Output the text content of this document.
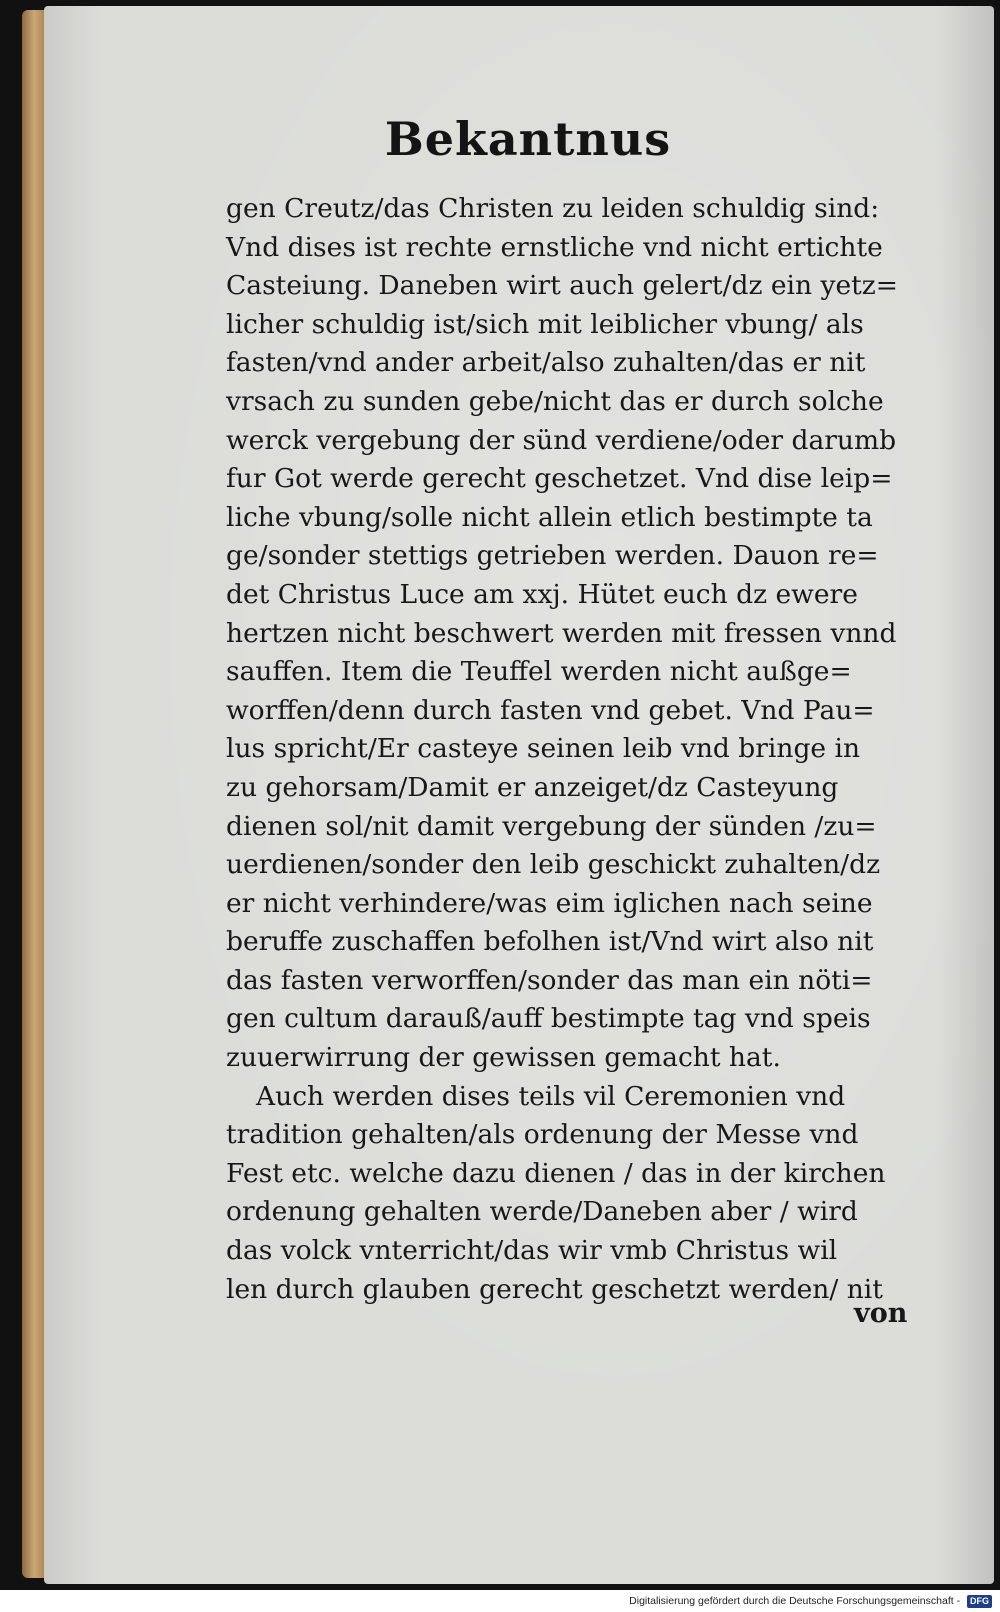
Bekantnus
gen Creutz/das Christen zu leiden schuldig sind:
Vnd dises ist rechte ernstliche vnd nicht ertichte
Casteiung. Daneben wirt auch gelert/dz ein yetz=
licher schuldig ist/sich mit leiblicher vbung/ als
fasten/vnd ander arbeit/also zuhalten/das er nit
vrsach zu sunden gebe/nicht das er durch solche
werck vergebung der sünd verdiene/oder darumb
fur Got werde gerecht geschetzet. Vnd dise leip=
liche vbung/solle nicht allein etlich bestimpte ta
ge/sonder stettigs getrieben werden. Dauon re=
det Christus Luce am xxj. Hütet euch dz ewere
hertzen nicht beschwert werden mit fressen vnnd
sauffen. Item die Teuffel werden nicht außge=
worffen/denn durch fasten vnd gebet. Vnd Pau=
lus spricht/Er casteye seinen leib vnd bringe in
zu gehorsam/Damit er anzeiget/dz Casteyung
dienen sol/nit damit vergebung der sünden /zu=
uerdienen/sonder den leib geschickt zuhalten/dz
er nicht verhindere/was eim iglichen nach seine
beruffe zuschaffen befolhen ist/Vnd wirt also nit
das fasten verworffen/sonder das man ein nöti=
gen cultum darauß/auff bestimpte tag vnd speis
zuuerwirrung der gewissen gemacht hat.
Auch werden dises teils vil Ceremonien vnd
tradition gehalten/als ordenung der Messe vnd
Fest etc. welche dazu dienen / das in der kirchen
ordenung gehalten werde/Daneben aber / wird
das volck vnterricht/das wir vmb Christus wil
len durch glauben gerecht geschetzt werden/ nit
von
Digitalisierung gefördert durch die Deutsche Forschungsgemeinschaft - DFG
